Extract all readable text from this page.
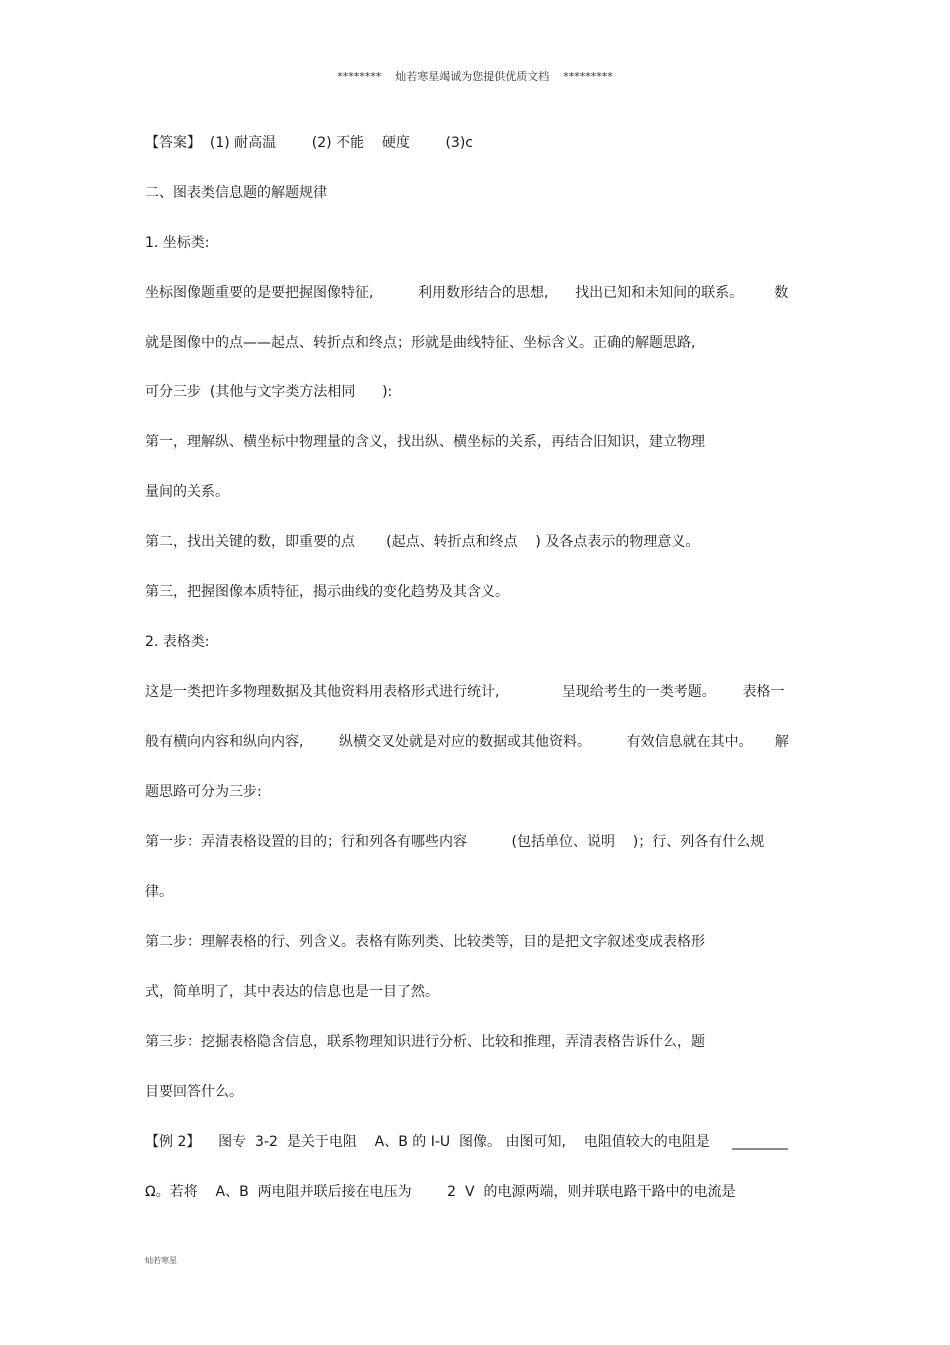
********    灿若寒星竭诚为您提供优质文档    *********
【答案】  (1) 耐高温        (2) 不能    硬度        (3)c
二、图表类信息题的解题规律
1. 坐标类:
坐标图像题重要的是要把握图像特征,          利用数形结合的思想,      找出已知和未知间的联系。       数
就是图像中的点——起点、转折点和终点；形就是曲线特征、坐标含义。正确的解题思路,
可分三步  (其他与文字类方法相同      ):
第一，理解纵、横坐标中物理量的含义，找出纵、横坐标的关系，再结合旧知识，建立物理
量间的关系。
第二，找出关键的数，即重要的点       (起点、转折点和终点    ) 及各点表示的物理意义。
第三，把握图像本质特征，揭示曲线的变化趋势及其含义。
2. 表格类:
这是一类把许多物理数据及其他资料用表格形式进行统计,              呈现给考生的一类考题。      表格一
般有横向内容和纵向内容,        纵横交叉处就是对应的数据或其他资料。        有效信息就在其中。     解
题思路可分为三步:
第一步：弄清表格设置的目的；行和列各有哪些内容          (包括单位、说明    )；行、列各有什么规
律。
第二步：理解表格的行、列含义。表格有陈列类、比较类等，目的是把文字叙述变成表格形
式，简单明了，其中表达的信息也是一目了然。
第三步：挖掘表格隐含信息，联系物理知识进行分析、比较和推理，弄清表格告诉什么，题
目要回答什么。
【例 2】    图专  3-2  是关于电阻    A、B 的 I-U  图像。 由图可知,    电阻值较大的电阻是     ________
Ω。若将    A、B  两电阻并联后接在电压为        2  V  的电源两端，则并联电路干路中的电流是
灿若寒星
